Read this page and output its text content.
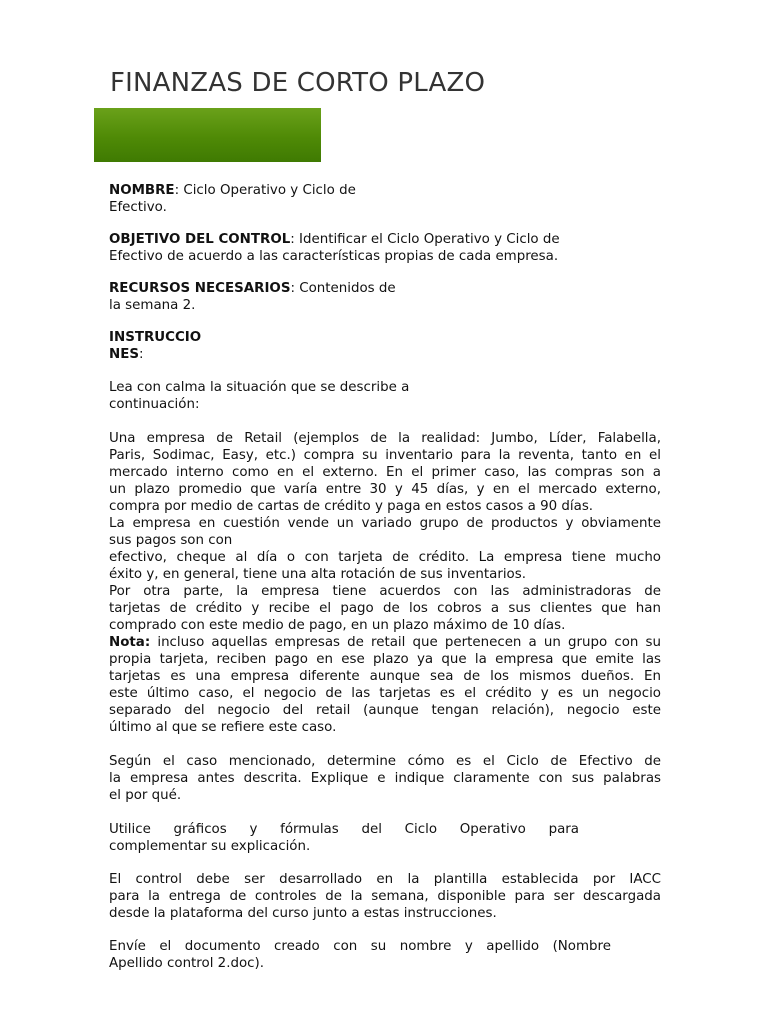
FINANZAS DE CORTO PLAZO

NOMBRE: Ciclo Operativo y Ciclo de

Efectivo.

OBJETIVO DEL CONTROL: Identificar el Ciclo Operativo y Ciclo de

Efectivo de acuerdo a las características propias de cada empresa.

RECURSOS NECESARIOS: Contenidos de

la semana 2.

INSTRUCCIO

NES:

Lea con calma la situación que se describe a

continuación:

Una empresa de Retail (ejemplos de la realidad: Jumbo, Líder, Falabella,

Paris, Sodimac, Easy, etc.) compra su inventario para la reventa, tanto en el

mercado interno como en el externo. En el primer caso, las compras son a

un plazo promedio que varía entre 30 y 45 días, y en el mercado externo,

compra por medio de cartas de crédito y paga en estos casos a 90 días.

La empresa en cuestión vende un variado grupo de productos y obviamente

sus pagos son con

efectivo, cheque al día o con tarjeta de crédito. La empresa tiene mucho

éxito y, en general, tiene una alta rotación de sus inventarios.

Por otra parte, la empresa tiene acuerdos con las administradoras de

tarjetas de crédito y recibe el pago de los cobros a sus clientes que han

comprado con este medio de pago, en un plazo máximo de 10 días.

Nota: incluso aquellas empresas de retail que pertenecen a un grupo con su

propia tarjeta, reciben pago en ese plazo ya que la empresa que emite las

tarjetas es una empresa diferente aunque sea de los mismos dueños. En

este último caso, el negocio de las tarjetas es el crédito y es un negocio

separado del negocio del retail (aunque tengan relación), negocio este

último al que se refiere este caso.

Según el caso mencionado, determine cómo es el Ciclo de Efectivo de

la empresa antes descrita. Explique e indique claramente con sus palabras

el por qué.

Utilice    gráficos    y    fórmulas    del    Ciclo    Operativo    para

complementar su explicación.

El control debe ser desarrollado en la plantilla establecida por IACC

para la entrega de controles de la semana, disponible para ser descargada

desde la plataforma del curso junto a estas instrucciones.

Envíe el documento creado con su nombre y apellido (Nombre

Apellido control 2.doc).
